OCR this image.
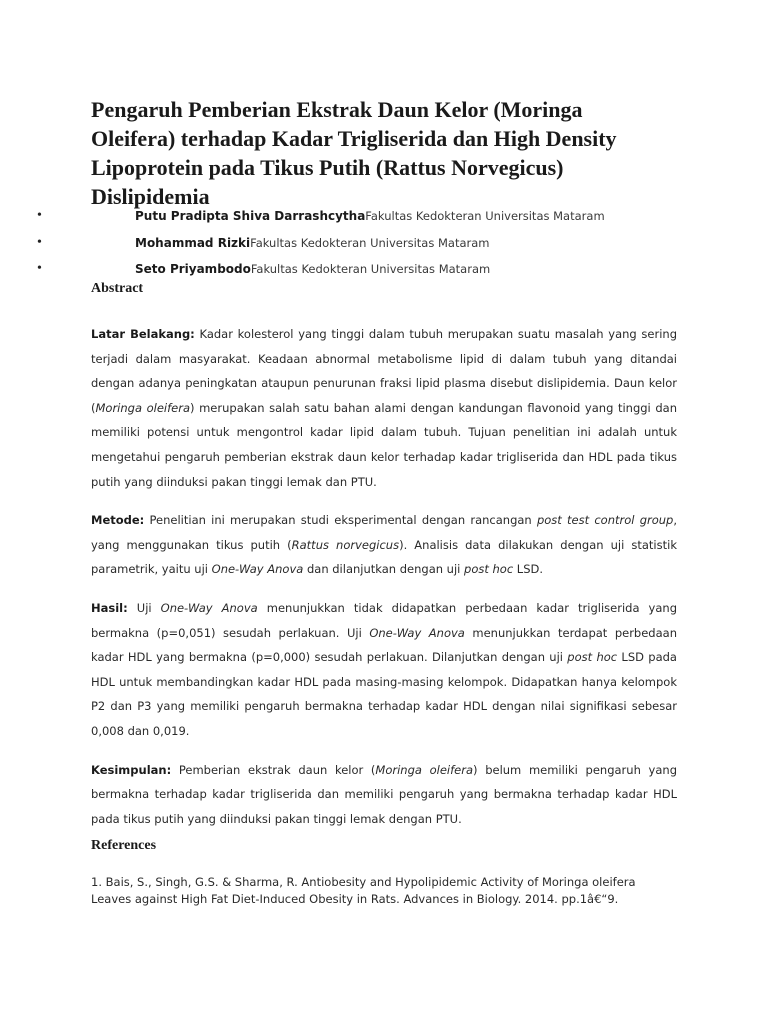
Pengaruh Pemberian Ekstrak Daun Kelor (Moringa Oleifera) terhadap Kadar Trigliserida dan High Density Lipoprotein pada Tikus Putih (Rattus Norvegicus) Dislipidemia
•	Putu Pradipta Shiva DarrashcythaFakultas Kedokteran Universitas Mataram
•	Mohammad RizkiFakultas Kedokteran Universitas Mataram
•	Seto PriyambodoFakultas Kedokteran Universitas Mataram
Abstract

Latar Belakang: Kadar kolesterol yang tinggi dalam tubuh merupakan suatu masalah yang sering terjadi dalam masyarakat. Keadaan abnormal metabolisme lipid di dalam tubuh yang ditandai dengan adanya peningkatan ataupun penurunan fraksi lipid plasma disebut dislipidemia. Daun kelor (Moringa oleifera) merupakan salah satu bahan alami dengan kandungan flavonoid yang tinggi dan memiliki potensi untuk mengontrol kadar lipid dalam tubuh. Tujuan penelitian ini adalah untuk mengetahui pengaruh pemberian ekstrak daun kelor terhadap kadar trigliserida dan HDL pada tikus putih yang diinduksi pakan tinggi lemak dan PTU.

Metode: Penelitian ini merupakan studi eksperimental dengan rancangan post test control group, yang menggunakan tikus putih (Rattus norvegicus). Analisis data dilakukan dengan uji statistik parametrik, yaitu uji One-Way Anova dan dilanjutkan dengan uji post hoc LSD.

Hasil: Uji One-Way Anova menunjukkan tidak didapatkan perbedaan kadar trigliserida yang bermakna (p=0,051) sesudah perlakuan. Uji One-Way Anova menunjukkan terdapat perbedaan kadar HDL yang bermakna (p=0,000) sesudah perlakuan. Dilanjutkan dengan uji post hoc LSD pada HDL untuk membandingkan kadar HDL pada masing-masing kelompok. Didapatkan hanya kelompok P2 dan P3 yang memiliki pengaruh bermakna terhadap kadar HDL dengan nilai signifikasi sebesar 0,008 dan 0,019.

Kesimpulan: Pemberian ekstrak daun kelor (Moringa oleifera) belum memiliki pengaruh yang bermakna terhadap kadar trigliserida dan memiliki pengaruh yang bermakna terhadap kadar HDL pada tikus putih yang diinduksi pakan tinggi lemak dengan PTU.

References

1. Bais, S., Singh, G.S. & Sharma, R. Antiobesity and Hypolipidemic Activity of Moringa oleifera Leaves against High Fat Diet-Induced Obesity in Rats. Advances in Biology. 2014. pp.1â€“9.
